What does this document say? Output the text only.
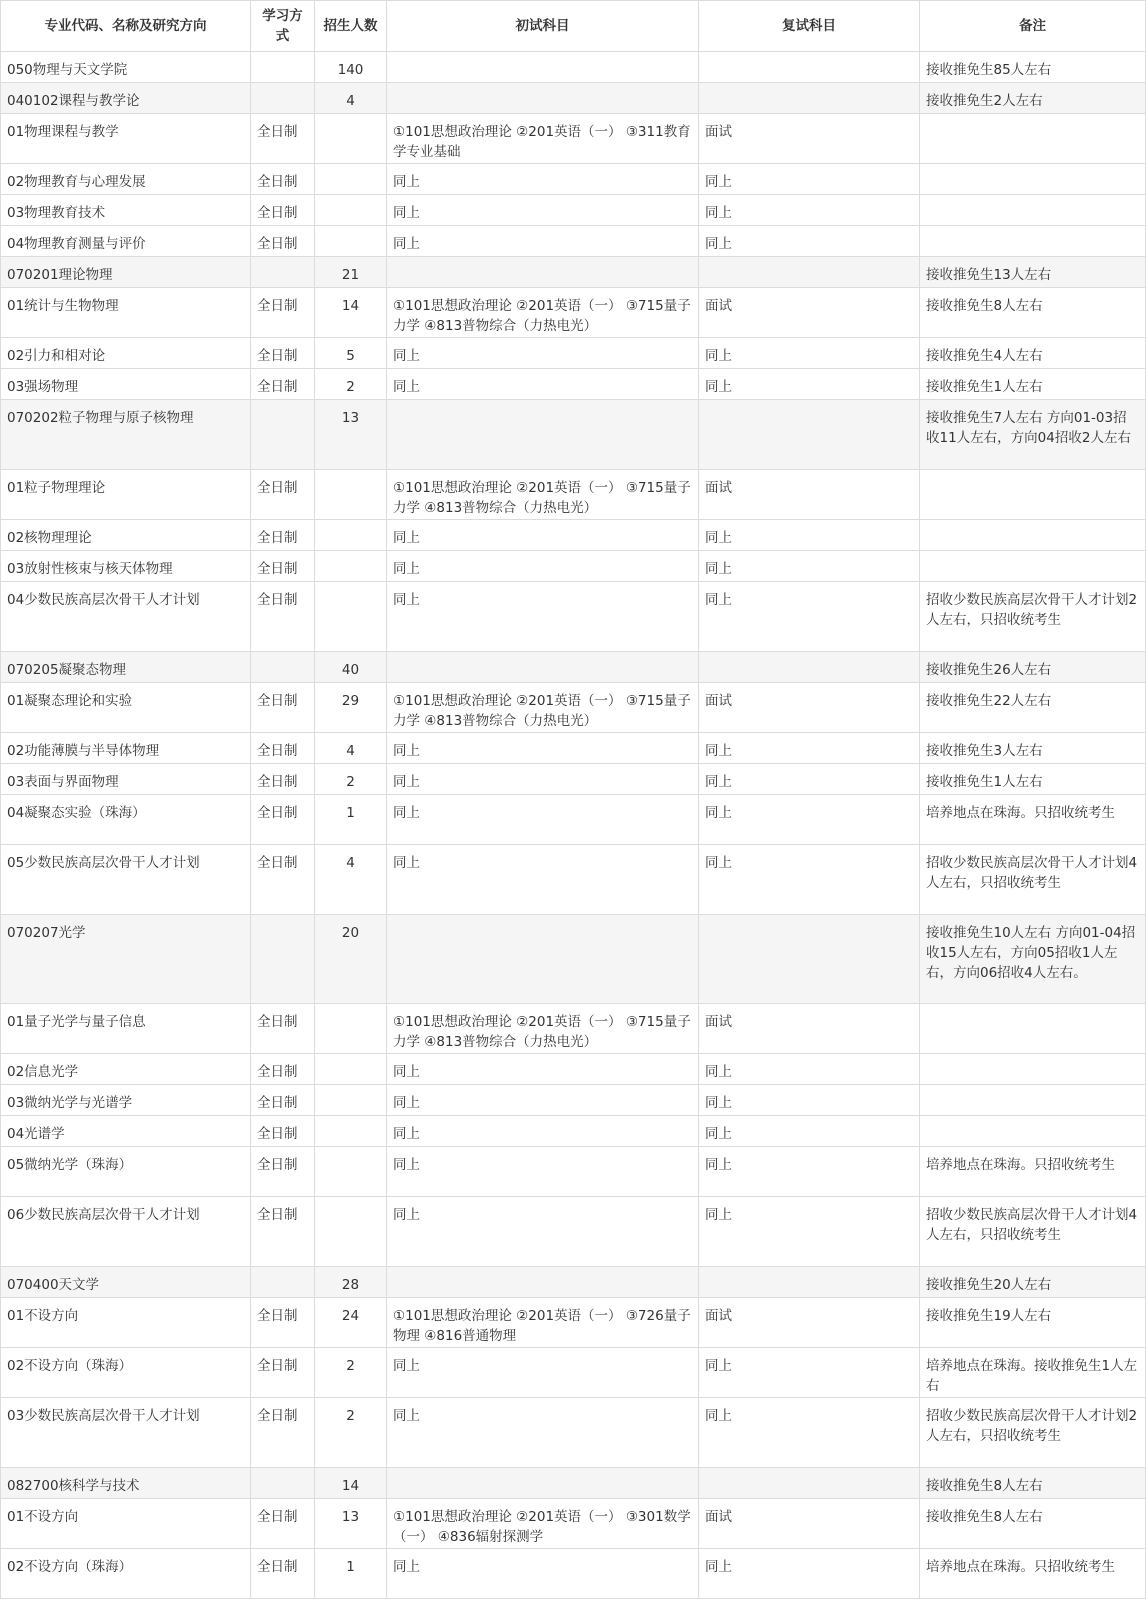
专业代码、名称及研究方向	学习方式	招生人数	初试科目	复试科目	备注
050物理与天文学院		140			接收推免生85人左右
040102课程与教学论		4			接收推免生2人左右
01物理课程与教学	全日制		①101思想政治理论 ②201英语（一） ③311教育学专业基础	面试	
02物理教育与心理发展	全日制		同上	同上	
03物理教育技术	全日制		同上	同上	
04物理教育测量与评价	全日制		同上	同上	
070201理论物理		21			接收推免生13人左右
01统计与生物物理	全日制	14	①101思想政治理论 ②201英语（一） ③715量子力学 ④813普物综合（力热电光）	面试	接收推免生8人左右
02引力和相对论	全日制	5	同上	同上	接收推免生4人左右
03强场物理	全日制	2	同上	同上	接收推免生1人左右
070202粒子物理与原子核物理		13			接收推免生7人左右 方向01-03招收11人左右，方向04招收2人左右
01粒子物理理论	全日制		①101思想政治理论 ②201英语（一） ③715量子力学 ④813普物综合（力热电光）	面试	
02核物理理论	全日制		同上	同上	
03放射性核束与核天体物理	全日制		同上	同上	
04少数民族高层次骨干人才计划	全日制		同上	同上	招收少数民族高层次骨干人才计划2人左右，只招收统考生
070205凝聚态物理		40			接收推免生26人左右
01凝聚态理论和实验	全日制	29	①101思想政治理论 ②201英语（一） ③715量子力学 ④813普物综合（力热电光）	面试	接收推免生22人左右
02功能薄膜与半导体物理	全日制	4	同上	同上	接收推免生3人左右
03表面与界面物理	全日制	2	同上	同上	接收推免生1人左右
04凝聚态实验（珠海）	全日制	1	同上	同上	培养地点在珠海。只招收统考生
05少数民族高层次骨干人才计划	全日制	4	同上	同上	招收少数民族高层次骨干人才计划4人左右，只招收统考生
070207光学		20			接收推免生10人左右 方向01-04招收15人左右，方向05招收1人左右，方向06招收4人左右。
01量子光学与量子信息	全日制		①101思想政治理论 ②201英语（一） ③715量子力学 ④813普物综合（力热电光）	面试	
02信息光学	全日制		同上	同上	
03微纳光学与光谱学	全日制		同上	同上	
04光谱学	全日制		同上	同上	
05微纳光学（珠海）	全日制		同上	同上	培养地点在珠海。只招收统考生
06少数民族高层次骨干人才计划	全日制		同上	同上	招收少数民族高层次骨干人才计划4人左右，只招收统考生
070400天文学		28			接收推免生20人左右
01不设方向	全日制	24	①101思想政治理论 ②201英语（一） ③726量子物理 ④816普通物理	面试	接收推免生19人左右
02不设方向（珠海）	全日制	2	同上	同上	培养地点在珠海。接收推免生1人左右
03少数民族高层次骨干人才计划	全日制	2	同上	同上	招收少数民族高层次骨干人才计划2人左右，只招收统考生
082700核科学与技术		14			接收推免生8人左右
01不设方向	全日制	13	①101思想政治理论 ②201英语（一） ③301数学（一） ④836辐射探测学	面试	接收推免生8人左右
02不设方向（珠海）	全日制	1	同上	同上	培养地点在珠海。只招收统考生
